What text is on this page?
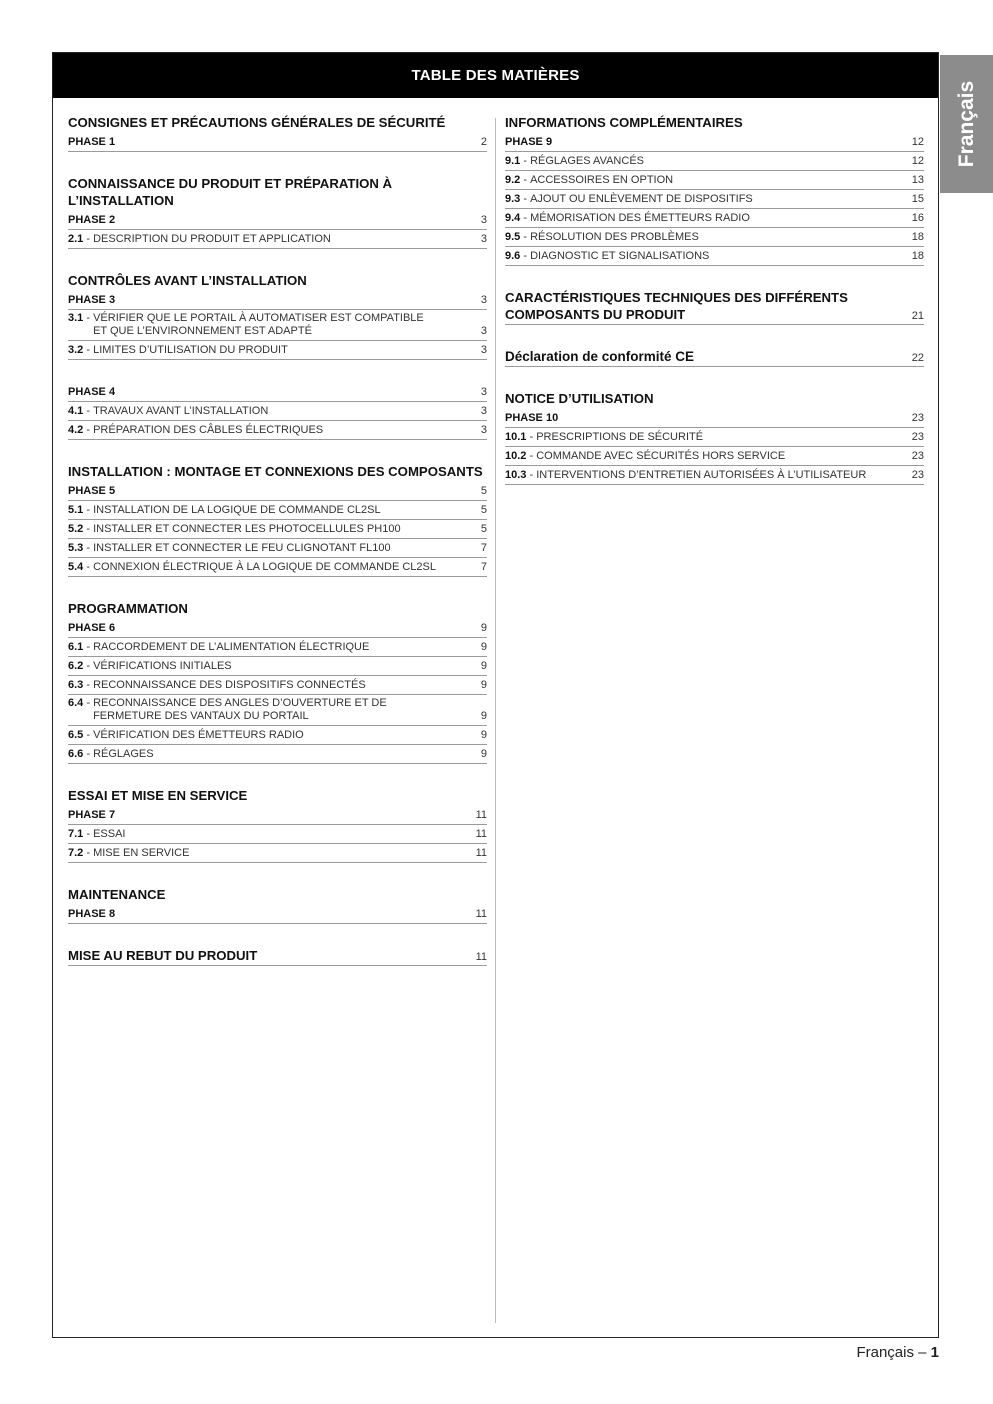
TABLE DES MATIÈRES
Français
CONSIGNES ET PRÉCAUTIONS GÉNÉRALES DE SÉCURITÉ
PHASE 1	2
CONNAISSANCE DU PRODUIT ET PRÉPARATION À L’INSTALLATION
PHASE 2	3
2.1 - DESCRIPTION DU PRODUIT ET APPLICATION	3
CONTRÔLES AVANT L’INSTALLATION
PHASE 3	3
3.1 - VÉRIFIER QUE LE PORTAIL À AUTOMATISER EST COMPATIBLE ET QUE L’ENVIRONNEMENT EST ADAPTÉ	3
3.2 - LIMITES D’UTILISATION DU PRODUIT	3
PHASE 4	3
4.1 - TRAVAUX AVANT L’INSTALLATION	3
4.2 - PRÉPARATION DES CÂBLES ÉLECTRIQUES	3
INSTALLATION : MONTAGE ET CONNEXIONS DES COMPOSANTS
PHASE 5	5
5.1 - INSTALLATION DE LA LOGIQUE DE COMMANDE CL2SL	5
5.2 - INSTALLER ET CONNECTER LES PHOTOCELLULES PH100	5
5.3 - INSTALLER ET CONNECTER LE FEU CLIGNOTANT FL100	7
5.4 - CONNEXION ÉLECTRIQUE À LA LOGIQUE DE COMMANDE CL2SL	7
PROGRAMMATION
PHASE 6	9
6.1 - RACCORDEMENT DE L’ALIMENTATION ÉLECTRIQUE	9
6.2 - VÉRIFICATIONS INITIALES	9
6.3 - RECONNAISSANCE DES DISPOSITIFS CONNECTÉS	9
6.4 - RECONNAISSANCE DES ANGLES D’OUVERTURE ET DE FERMETURE DES VANTAUX DU PORTAIL	9
6.5 - VÉRIFICATION DES ÉMETTEURS RADIO	9
6.6 - RÉGLAGES	9
ESSAI ET MISE EN SERVICE
PHASE 7	11
7.1 - ESSAI	11
7.2 - MISE EN SERVICE	11
MAINTENANCE
PHASE 8	11
MISE AU REBUT DU PRODUIT	11
INFORMATIONS COMPLÉMENTAIRES
PHASE 9	12
9.1 - RÉGLAGES AVANCÉS	12
9.2 - ACCESSOIRES EN OPTION	13
9.3 - AJOUT OU ENLÈVEMENT DE DISPOSITIFS	15
9.4 - MÉMORISATION DES ÉMETTEURS RADIO	16
9.5 - RÉSOLUTION DES PROBLÈMES	18
9.6 - DIAGNOSTIC ET SIGNALISATIONS	18
CARACTÉRISTIQUES TECHNIQUES DES DIFFÉRENTS COMPOSANTS DU PRODUIT	21
Déclaration de conformité CE	22
NOTICE D’UTILISATION
PHASE 10	23
10.1 - PRESCRIPTIONS DE SÉCURITÉ	23
10.2 - COMMANDE AVEC SÉCURITÉS HORS SERVICE	23
10.3 - INTERVENTIONS D’ENTRETIEN AUTORISÉES À L’UTILISATEUR	23
Français – 1
